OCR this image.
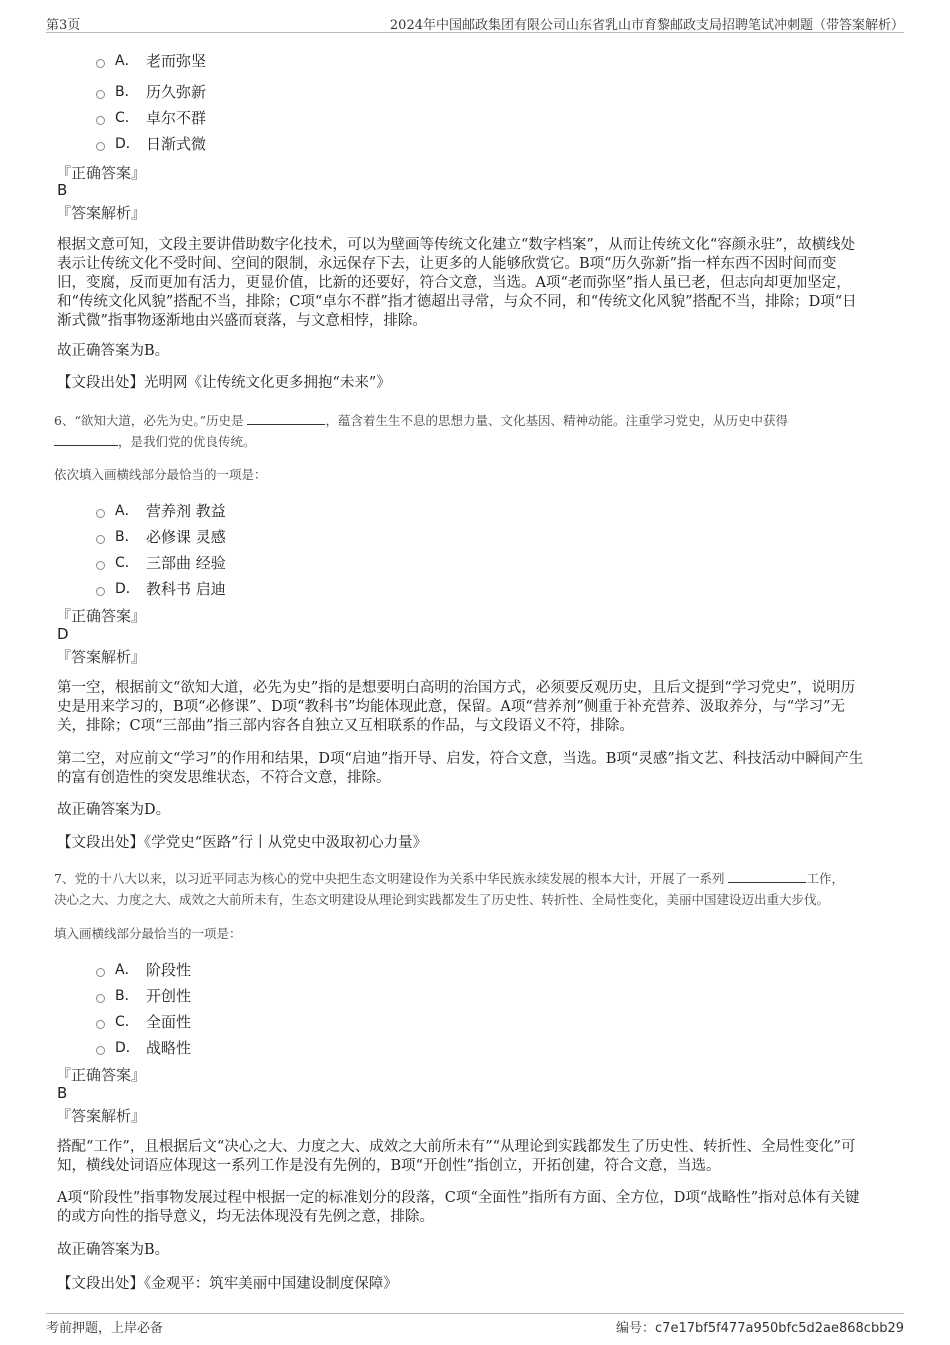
第3页	2024年中国邮政集团有限公司山东省乳山市育黎邮政支局招聘笔试冲刺题（带答案解析）
A． 老而弥坚
B． 历久弥新
C． 卓尔不群
D． 日渐式微
『正确答案』
B
『答案解析』
根据文意可知，文段主要讲借助数字化技术，可以为壁画等传统文化建立“数字档案”，从而让传统文化“容颜永驻”，故横线处
表示让传统文化不受时间、空间的限制，永远保存下去，让更多的人能够欣赏它。B项“历久弥新”指一样东西不因时间而变
旧，变腐，反而更加有活力，更显价值，比新的还要好，符合文意，当选。A项“老而弥坚”指人虽已老，但志向却更加坚定，
和“传统文化风貌”搭配不当，排除；C项“卓尔不群”指才德超出寻常，与众不同，和“传统文化风貌”搭配不当，排除；D项“日
渐式微”指事物逐渐地由兴盛而衰落，与文意相悖，排除。
故正确答案为B。
【文段出处】光明网《让传统文化更多拥抱“未来”》
6、“欲知大道，必先为史。”历史是	，蕴含着生生不息的思想力量、文化基因、精神动能。注重学习党史，从历史中获得
，是我们党的优良传统。
依次填入画横线部分最恰当的一项是：
A． 营养剂 教益
B． 必修课 灵感
C． 三部曲 经验
D． 教科书 启迪
『正确答案』
D
『答案解析』
第一空，根据前文“欲知大道，必先为史”指的是想要明白高明的治国方式，必须要反观历史，且后文提到“学习党史”，说明历
史是用来学习的，B项“必修课”、D项“教科书”均能体现此意，保留。A项“营养剂”侧重于补充营养、汲取养分，与“学习”无
关，排除；C项“三部曲”指三部内容各自独立又互相联系的作品，与文段语义不符，排除。
第二空，对应前文“学习”的作用和结果，D项“启迪”指开导、启发，符合文意，当选。B项“灵感”指文艺、科技活动中瞬间产生
的富有创造性的突发思维状态，不符合文意，排除。
故正确答案为D。
【文段出处】《学党史“医路”行丨从党史中汲取初心力量》
7、党的十八大以来，以习近平同志为核心的党中央把生态文明建设作为关系中华民族永续发展的根本大计，开展了一系列	工作，
决心之大、力度之大、成效之大前所未有，生态文明建设从理论到实践都发生了历史性、转折性、全局性变化，美丽中国建设迈出重大步伐。
填入画横线部分最恰当的一项是：
A． 阶段性
B． 开创性
C． 全面性
D． 战略性
『正确答案』
B
『答案解析』
搭配“工作”，且根据后文“决心之大、力度之大、成效之大前所未有”“从理论到实践都发生了历史性、转折性、全局性变化”可
知，横线处词语应体现这一系列工作是没有先例的，B项“开创性”指创立，开拓创建，符合文意，当选。
A项“阶段性”指事物发展过程中根据一定的标准划分的段落，C项“全面性”指所有方面、全方位，D项“战略性”指对总体有关键
的或方向性的指导意义，均无法体现没有先例之意，排除。
故正确答案为B。
【文段出处】《金观平：筑牢美丽中国建设制度保障》
考前押题，上岸必备	编号：c7e17bf5f477a950bfc5d2ae868cbb29
